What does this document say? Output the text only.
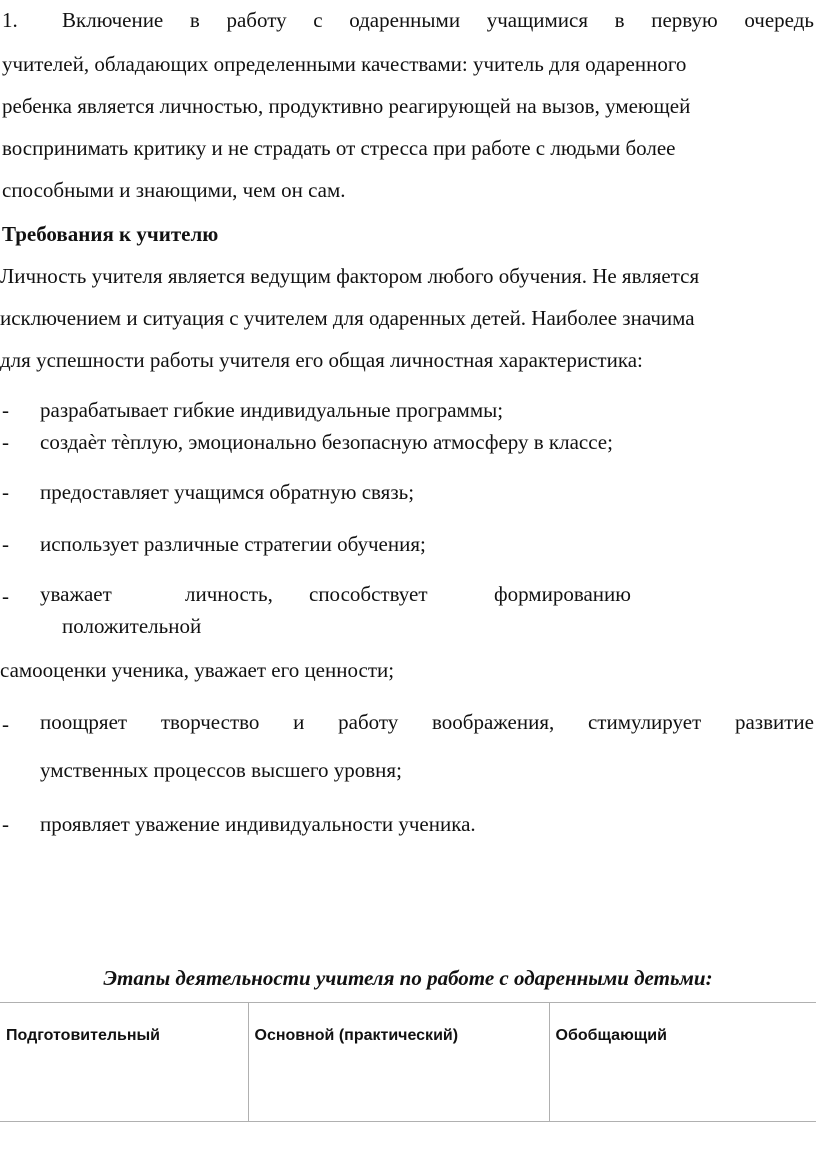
1. Включение в работу с одаренными учащимися в первую очередь
учителей, обладающих определенными качествами: учитель для одаренного
ребенка является личностью, продуктивно реагирующей на вызов, умеющей
воспринимать критику и не страдать от стресса при работе с людьми более
способными и знающими, чем он сам.
Требования к учителю
Личность учителя является ведущим фактором любого обучения. Не является
исключением и ситуация с учителем для одаренных детей. Наиболее значима
для успешности работы учителя его общая личностная характеристика:
- разрабатывает гибкие индивидуальные программы;
- создаѐт тѐплую, эмоционально безопасную атмосферу в классе;
- предоставляет учащимся обратную связь;
- использует различные стратегии обучения;
- уважает	личность, способствует	формированию
положительной
самооценки ученика, уважает его ценности;
- поощряет творчество и работу воображения, стимулирует развитие
умственных процессов высшего уровня;
- проявляет уважение индивидуальности ученика.
Этапы деятельности учителя по работе с одаренными детьми:
Подготовительный	Основной (практический)	Обобщающий
